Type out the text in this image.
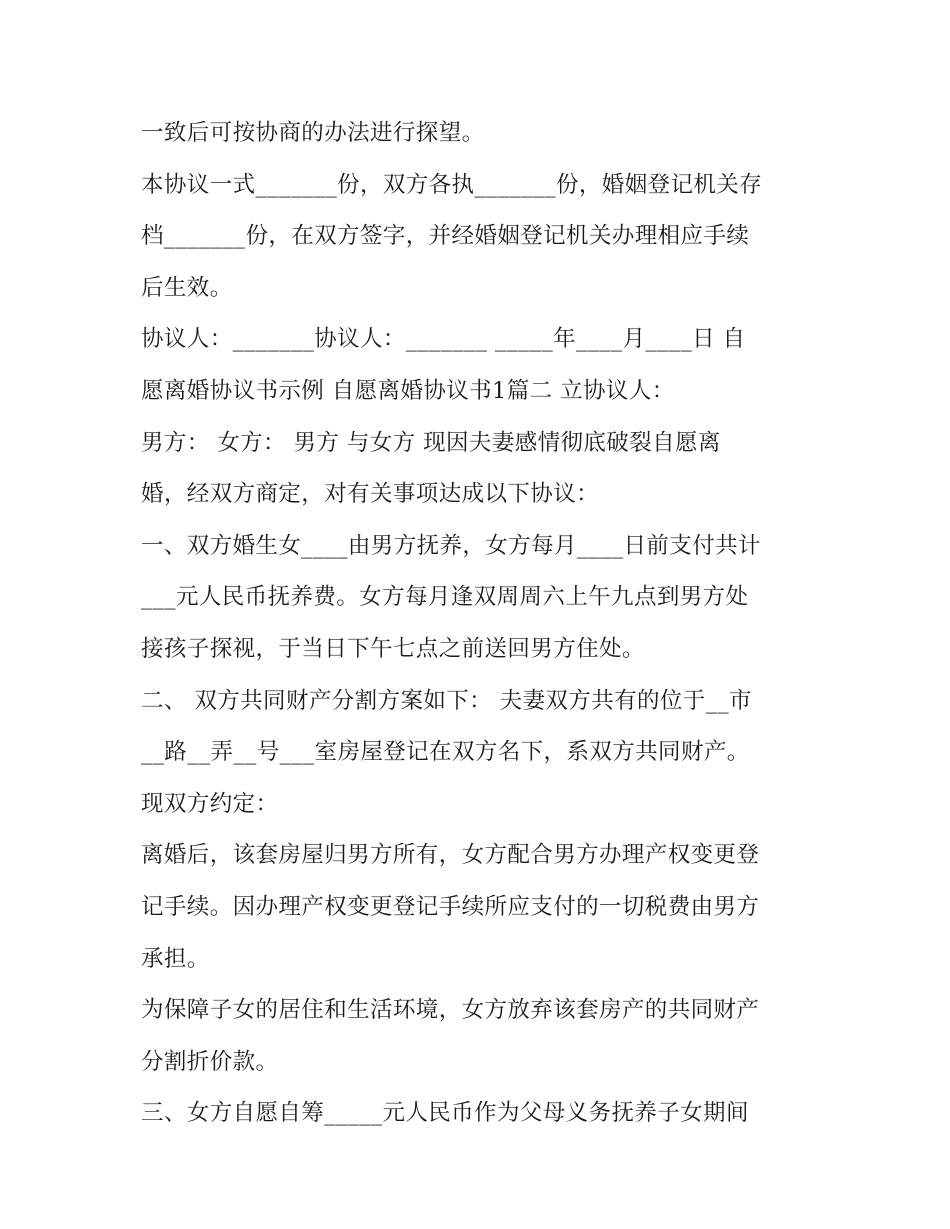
一致后可按协商的办法进行探望。
本协议一式_______份，双方各执_______份，婚姻登记机关存
档_______份，在双方签字，并经婚姻登记机关办理相应手续
后生效。
协议人：_______协议人：_______ _____年____月____日 自
愿离婚协议书示例 自愿离婚协议书1篇二 立协议人：
男方： 女方： 男方 与女方 现因夫妻感情彻底破裂自愿离
婚，经双方商定，对有关事项达成以下协议：
一、双方婚生女____由男方抚养，女方每月____日前支付共计
___元人民币抚养费。女方每月逢双周周六上午九点到男方处
接孩子探视，于当日下午七点之前送回男方住处。
二、 双方共同财产分割方案如下： 夫妻双方共有的位于__市
__路__弄__号___室房屋登记在双方名下，系双方共同财产。
现双方约定：
离婚后，该套房屋归男方所有，女方配合男方办理产权变更登
记手续。因办理产权变更登记手续所应支付的一切税费由男方
承担。
为保障子女的居住和生活环境，女方放弃该套房产的共同财产
分割折价款。
三、女方自愿自筹_____元人民币作为父母义务抚养子女期间
